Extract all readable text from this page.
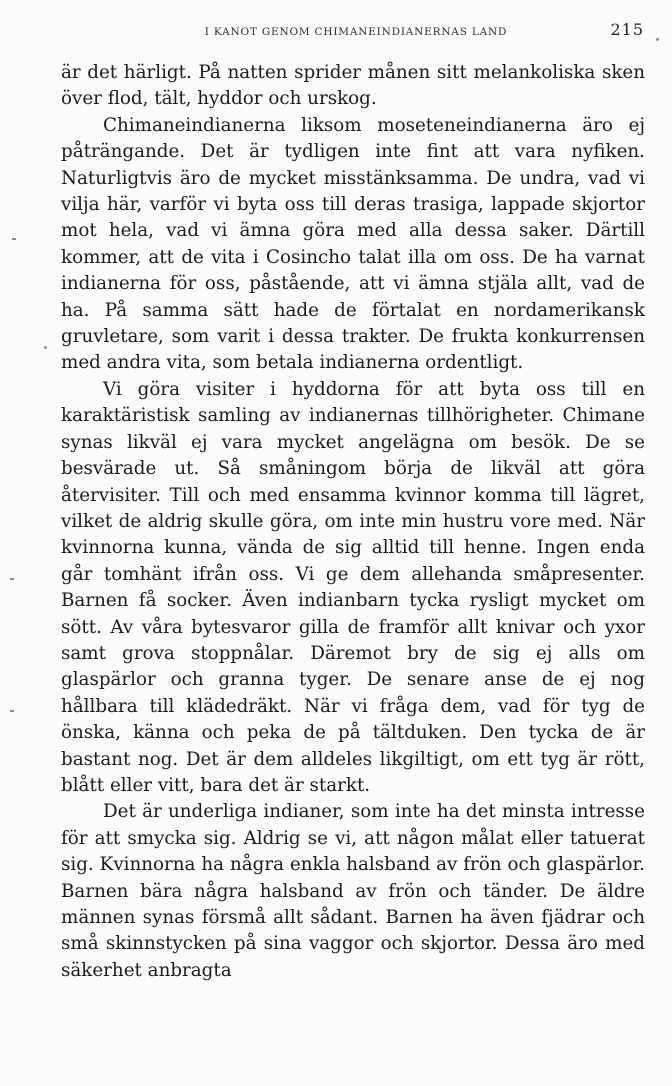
I KANOT GENOM CHIMANEINDIANERNAS LAND	215

är det härligt. På natten sprider månen sitt melankoliska sken över flod, tält, hyddor och urskog.

Chimaneindianerna liksom moseteneindianerna äro ej påträngande. Det är tydligen inte fint att vara nyfiken. Naturligtvis äro de mycket misstänksamma. De undra, vad vi vilja här, varför vi byta oss till deras trasiga, lappade skjortor mot hela, vad vi ämna göra med alla dessa saker. Därtill kommer, att de vita i Cosincho talat illa om oss. De ha varnat indianerna för oss, påstående, att vi ämna stjäla allt, vad de ha. På samma sätt hade de förtalat en nordamerikansk gruvletare, som varit i dessa trakter. De frukta konkurrensen med andra vita, som betala indianerna ordentligt.

Vi göra visiter i hyddorna för att byta oss till en karaktäristisk samling av indianernas tillhörigheter. Chimane synas likväl ej vara mycket angelägna om besök. De se besvärade ut. Så småningom börja de likväl att göra återvisiter. Till och med ensamma kvinnor komma till lägret, vilket de aldrig skulle göra, om inte min hustru vore med. När kvinnorna kunna, vända de sig alltid till henne. Ingen enda går tomhänt ifrån oss. Vi ge dem allehanda småpresenter. Barnen få socker. Även indianbarn tycka rysligt mycket om sött. Av våra bytesvaror gilla de framför allt knivar och yxor samt grova stoppnålar. Däremot bry de sig ej alls om glaspärlor och granna tyger. De senare anse de ej nog hållbara till klädedräkt. När vi fråga dem, vad för tyg de önska, känna och peka de på tältduken. Den tycka de är bastant nog. Det är dem alldeles likgiltigt, om ett tyg är rött, blått eller vitt, bara det är starkt.

Det är underliga indianer, som inte ha det minsta intresse för att smycka sig. Aldrig se vi, att någon målat eller tatuerat sig. Kvinnorna ha några enkla halsband av frön och glaspärlor. Barnen bära några halsband av frön och tänder. De äldre männen synas försmå allt sådant. Barnen ha även fjädrar och små skinnstycken på sina vaggor och skjortor. Dessa äro med säkerhet anbragta
